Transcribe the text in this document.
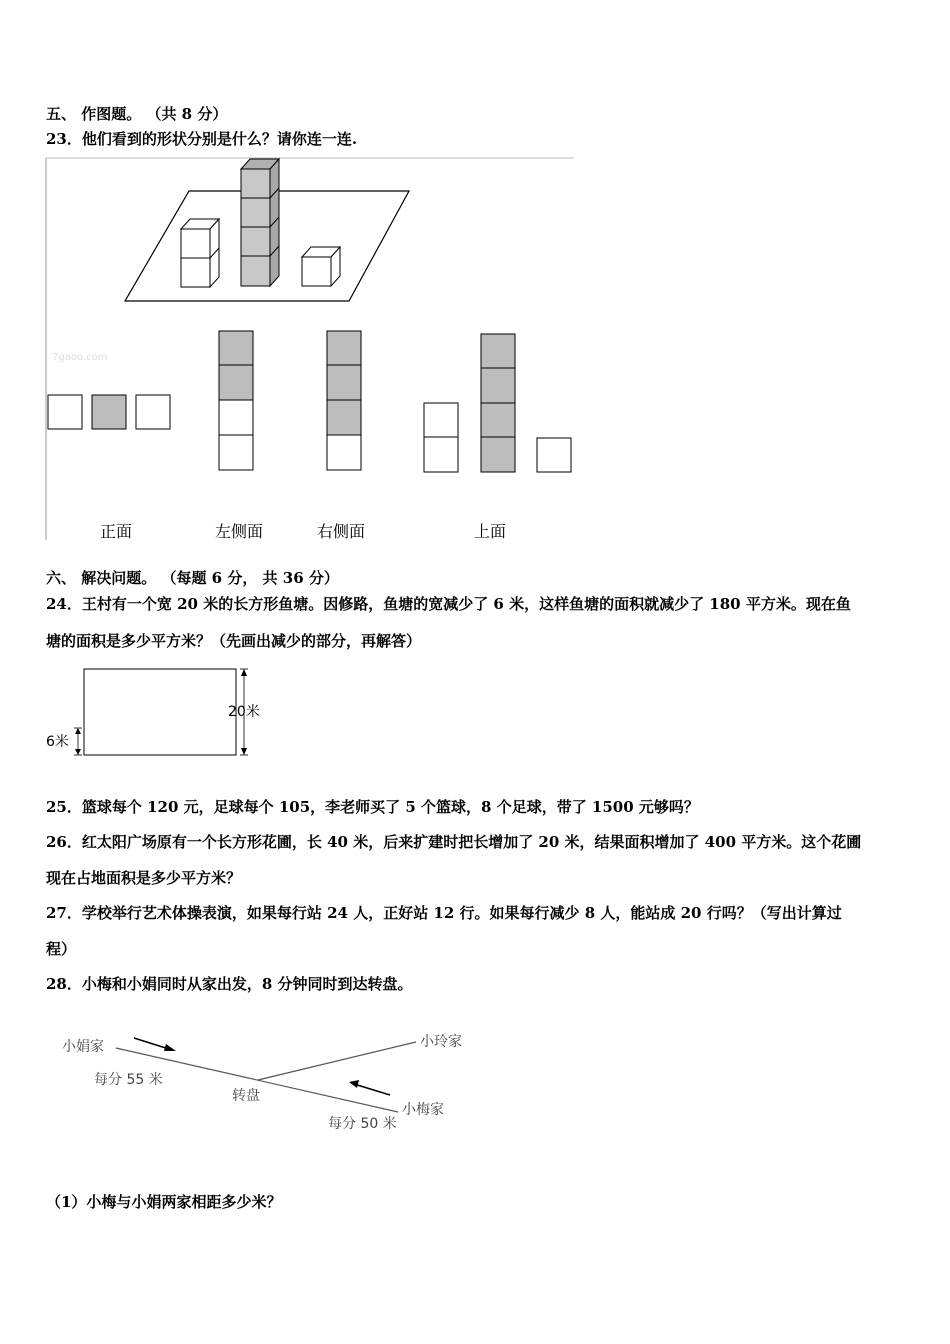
五、 作图题。 （共 8 分）
23．他们看到的形状分别是什么？请你连一连.
7gaoo.com
正面	左侧面	右侧面	上面
六、 解决问题。 （每题 6 分， 共 36 分）
24．王村有一个宽 20 米的长方形鱼塘。因修路，鱼塘的宽减少了 6 米，这样鱼塘的面积就减少了 180 平方米。现在鱼
塘的面积是多少平方米？（先画出减少的部分，再解答）
20米
6米
25．篮球每个 120 元，足球每个 105，李老师买了 5 个篮球，8 个足球，带了 1500 元够吗？
26．红太阳广场原有一个长方形花圃，长 40 米，后来扩建时把长增加了 20 米，结果面积增加了 400 平方米。这个花圃
现在占地面积是多少平方米？
27．学校举行艺术体操表演，如果每行站 24 人，正好站 12 行。如果每行减少 8 人，能站成 20 行吗？（写出计算过
程）
28．小梅和小娟同时从家出发，8 分钟同时到达转盘。
小娟家	小玲家
小梅家
转盘
每分 55 米
每分 50 米
（1）小梅与小娟两家相距多少米？
